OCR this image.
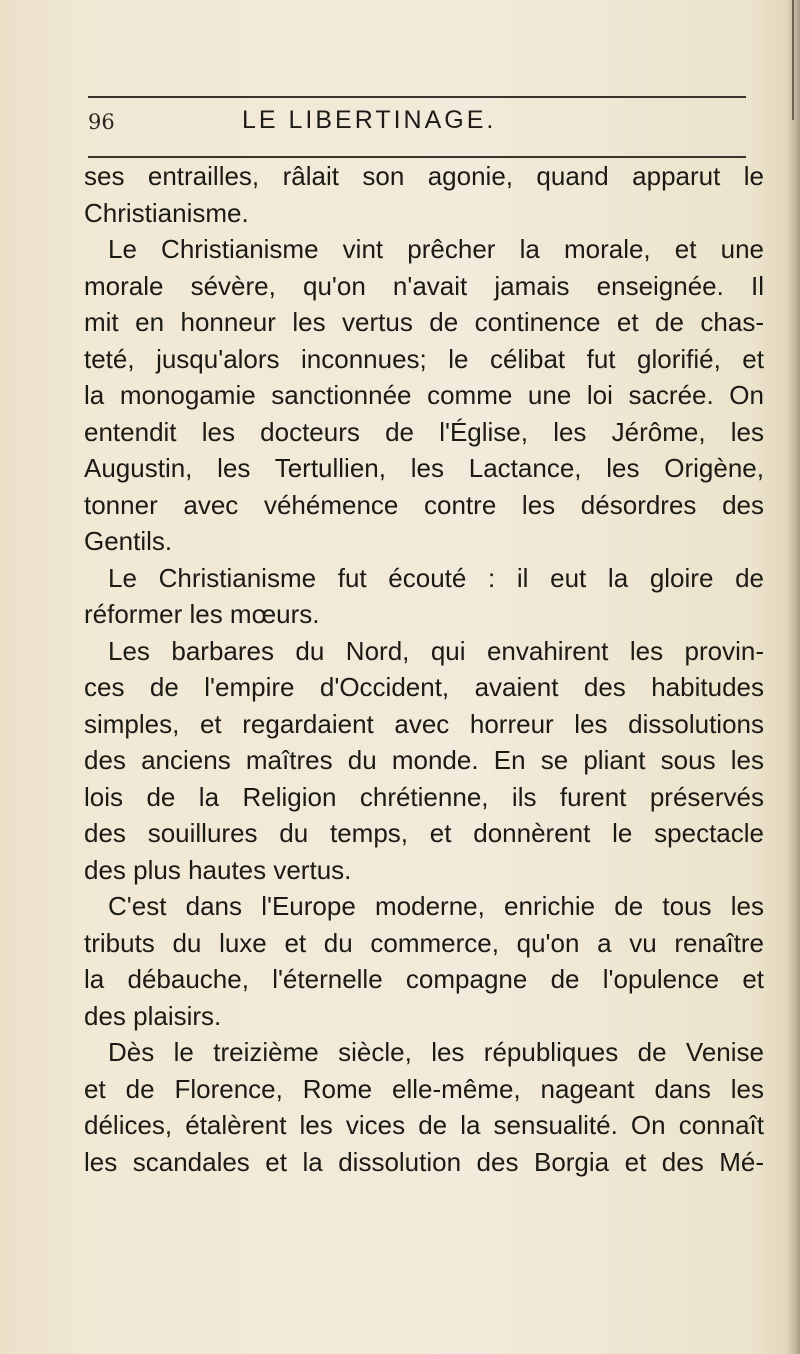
96	LE LIBERTINAGE.
ses entrailles, râlait son agonie, quand apparut le
Christianisme.
Le Christianisme vint prêcher la morale, et une
morale sévère, qu'on n'avait jamais enseignée. Il
mit en honneur les vertus de continence et de chas-
teté, jusqu'alors inconnues; le célibat fut glorifié, et
la monogamie sanctionnée comme une loi sacrée. On
entendit les docteurs de l'Église, les Jérôme, les
Augustin, les Tertullien, les Lactance, les Origène,
tonner avec véhémence contre les désordres des
Gentils.
Le Christianisme fut écouté : il eut la gloire de
réformer les mœurs.
Les barbares du Nord, qui envahirent les provin-
ces de l'empire d'Occident, avaient des habitudes
simples, et regardaient avec horreur les dissolutions
des anciens maîtres du monde. En se pliant sous les
lois de la Religion chrétienne, ils furent préservés
des souillures du temps, et donnèrent le spectacle
des plus hautes vertus.
C'est dans l'Europe moderne, enrichie de tous les
tributs du luxe et du commerce, qu'on a vu renaître
la débauche, l'éternelle compagne de l'opulence et
des plaisirs.
Dès le treizième siècle, les républiques de Venise
et de Florence, Rome elle-même, nageant dans les
délices, étalèrent les vices de la sensualité. On connaît
les scandales et la dissolution des Borgia et des Mé-
